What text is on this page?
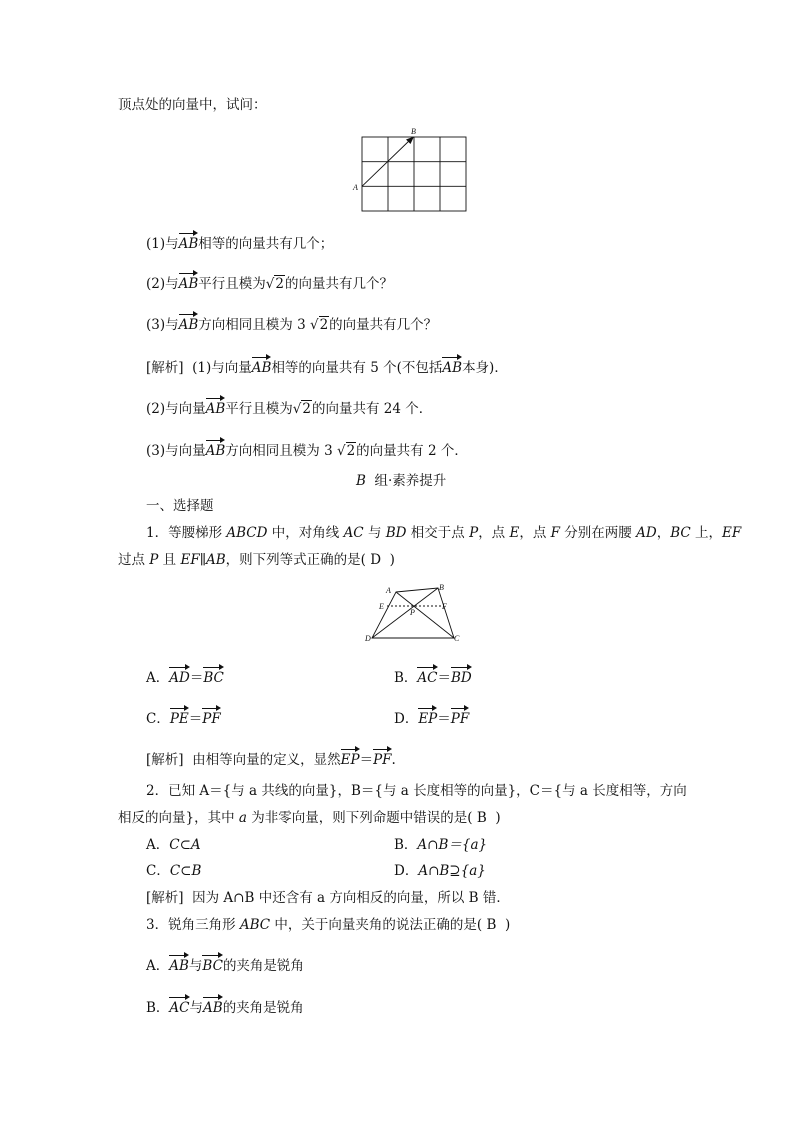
顶点处的向量中，试问：
A
B
(1)与AB相等的向量共有几个；
(2)与AB平行且模为√2的向量共有几个？
(3)与AB方向相同且模为 3 √2的向量共有几个？
[解析] (1)与向量AB相等的向量共有 5 个(不包括AB本身)．
(2)与向量AB平行且模为√2的向量共有 24 个．
(3)与向量AB方向相同且模为 3 √2的向量共有 2 个．
B 组·素养提升
一、选择题
1．等腰梯形 ABCD 中，对角线 AC 与 BD 相交于点 P，点 E，点 F 分别在两腰 AD，BC 上，EF
过点 P 且 EF∥AB，则下列等式正确的是( D )
A	B
C
D
E	F
P
A．AD＝BC	B．AC＝BD
C．PE＝PF	D．EP＝PF
[解析] 由相等向量的定义，显然EP＝PF.
2．已知 A＝{与 a 共线的向量}，B＝{与 a 长度相等的向量}，C＝{与 a 长度相等，方向
相反的向量}，其中 a 为非零向量，则下列命题中错误的是( B )
A．C⊂A	B．A∩B＝{a}
C．C⊂B	D．A∩B⊇{a}
[解析] 因为 A∩B 中还含有 a 方向相反的向量，所以 B 错．
3．锐角三角形 ABC 中，关于向量夹角的说法正确的是( B )
A．AB与BC的夹角是锐角
B．AC与AB的夹角是锐角
